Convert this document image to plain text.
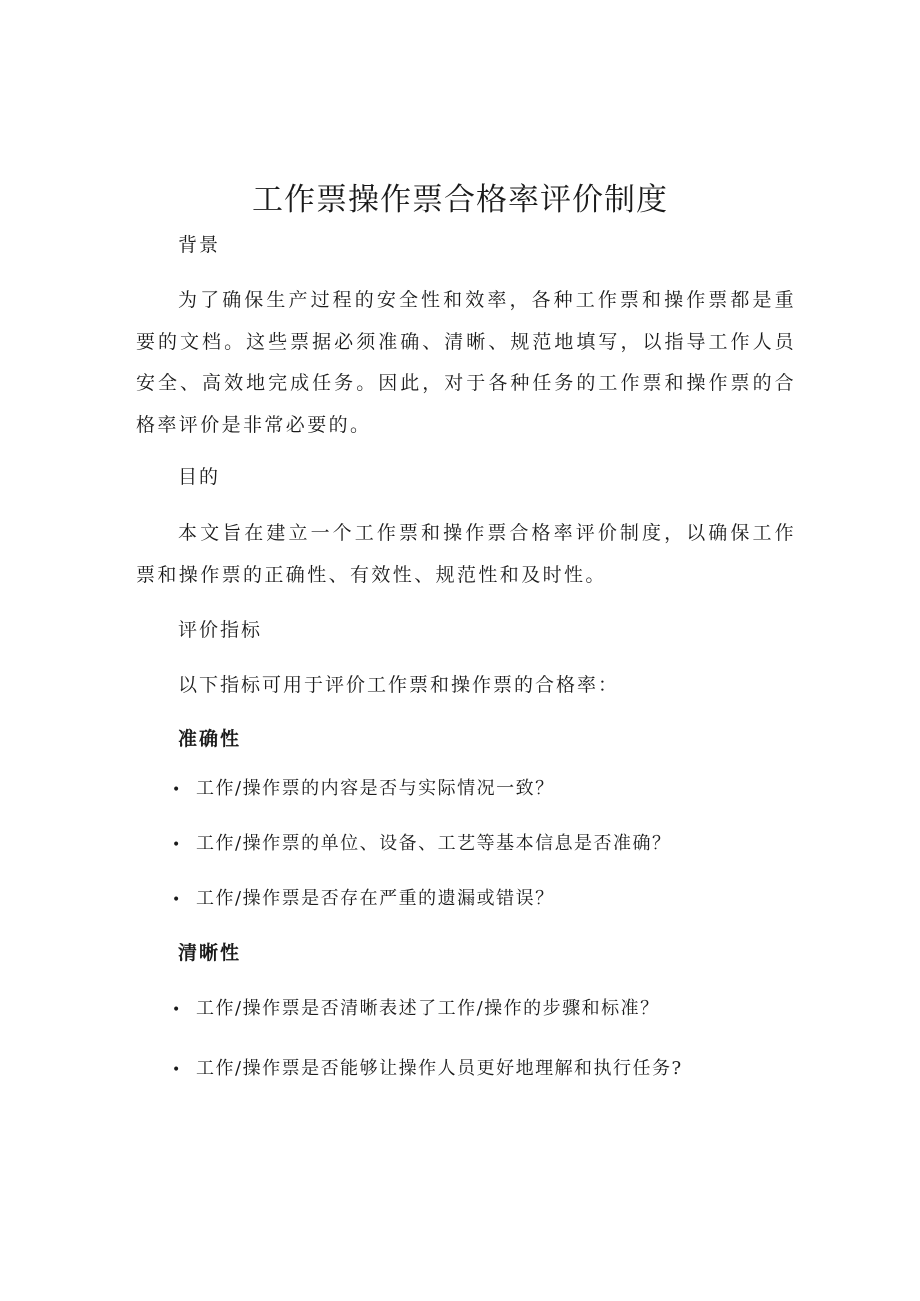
工作票操作票合格率评价制度
背景

为了确保生产过程的安全性和效率，各种工作票和操作票都是重要的文档。这些票据必须准确、清晰、规范地填写，以指导工作人员安全、高效地完成任务。因此，对于各种任务的工作票和操作票的合格率评价是非常必要的。

目的

本文旨在建立一个工作票和操作票合格率评价制度，以确保工作票和操作票的正确性、有效性、规范性和及时性。

评价指标

以下指标可用于评价工作票和操作票的合格率：

准确性

• 工作/操作票的内容是否与实际情况一致？

• 工作/操作票的单位、设备、工艺等基本信息是否准确？

• 工作/操作票是否存在严重的遗漏或错误？

清晰性

• 工作/操作票是否清晰表述了工作/操作的步骤和标准？

• 工作/操作票是否能够让操作人员更好地理解和执行任务?
